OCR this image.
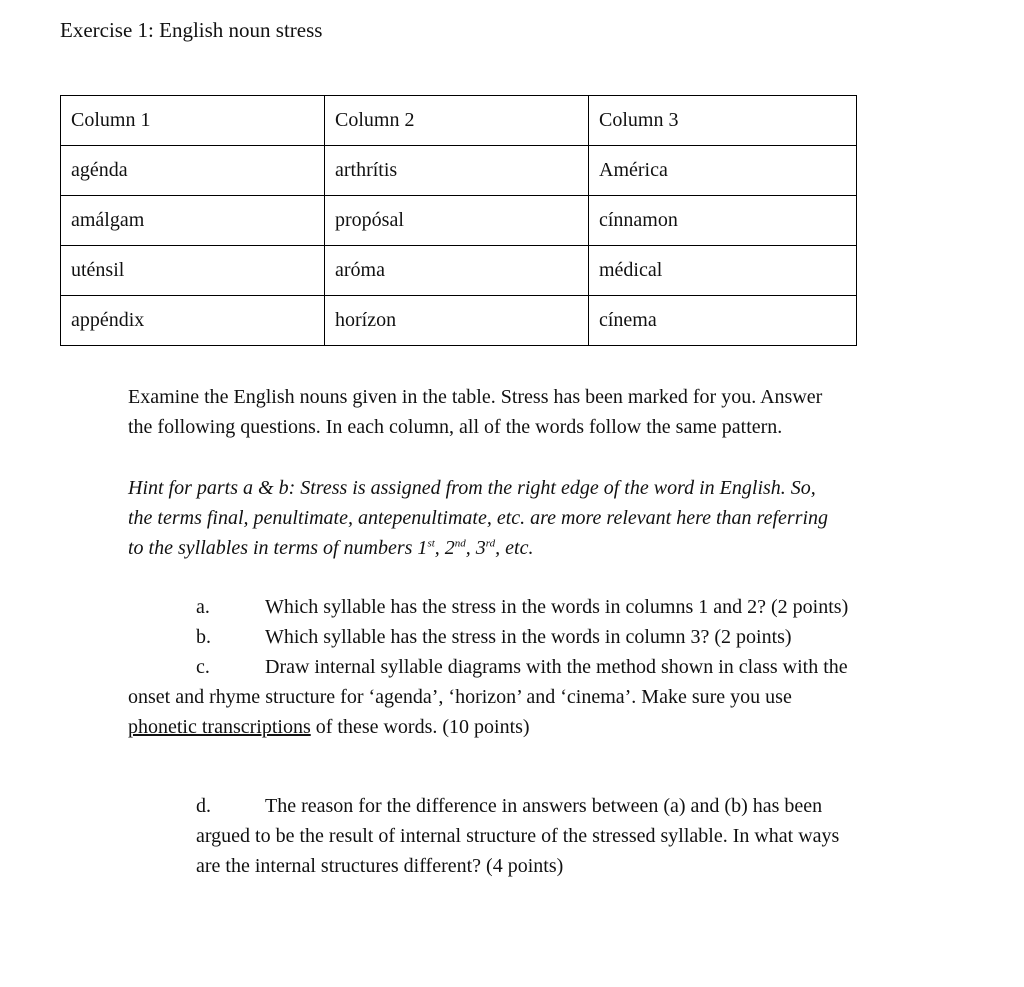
Exercise 1: English noun stress
Column 1	Column 2	Column 3
agénda	arthrítis	América
amálgam	propósal	cínnamon
uténsil	aróma	médical
appéndix	horízon	cínema
Examine the English nouns given in the table. Stress has been marked for you. Answer
the following questions. In each column, all of the words follow the same pattern.
Hint for parts a & b: Stress is assigned from the right edge of the word in English. So,
the terms final, penultimate, antepenultimate, etc. are more relevant here than referring
to the syllables in terms of numbers 1st, 2nd, 3rd, etc.
a.	Which syllable has the stress in the words in columns 1 and 2? (2 points)
b.	Which syllable has the stress in the words in column 3? (2 points)
c.	Draw internal syllable diagrams with the method shown in class with the
onset and rhyme structure for ‘agenda’, ‘horizon’ and ‘cinema’. Make sure you use
phonetic transcriptions of these words. (10 points)
d.	The reason for the difference in answers between (a) and (b) has been
argued to be the result of internal structure of the stressed syllable. In what ways
are the internal structures different? (4 points)
